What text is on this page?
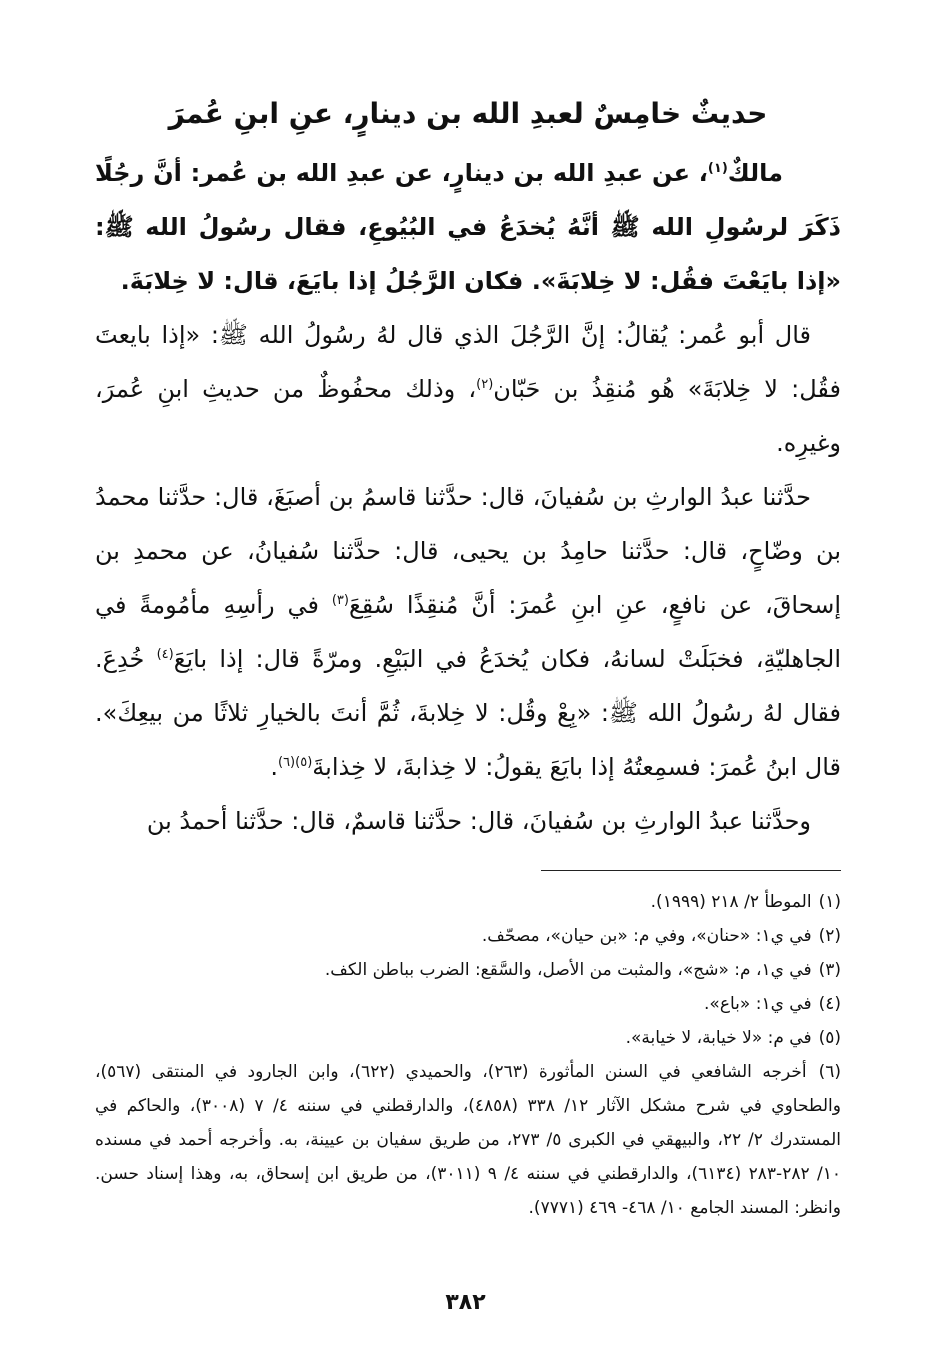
حديثٌ خامِسٌ لعبدِ الله بن دينارٍ، عنِ ابنِ عُمرَ

مالكٌ$^{(١)}$، عن عبدِ الله بن دينارٍ، عن عبدِ الله بن عُمر: أنَّ رجُلًا ذَكَرَ لرسُولِ الله ﷺ أنَّهُ يُخدَعُ في البُيُوعِ، فقال رسُولُ الله ﷺ: «إذا بايَعْتَ فقُل: لا خِلابَةَ». فكان الرَّجُلُ إذا بايَعَ، قال: لا خِلابَةَ.

قال أبو عُمر: يُقالُ: إنَّ الرَّجُلَ الذي قال لهُ رسُولُ الله ﷺ: «إذا بايعتَ فقُل: لا خِلابَةَ» هُو مُنقِذُ بن حَبّان$^{(٢)}$، وذلك محفُوظٌ من حديثِ ابنِ عُمرَ، وغيرِه.

حدَّثنا عبدُ الوارثِ بن سُفيانَ، قال: حدَّثنا قاسمُ بن أصبَغَ، قال: حدَّثنا محمدُ بن وضّاحٍ، قال: حدَّثنا حامِدُ بن يحيى، قال: حدَّثنا سُفيانُ، عن محمدِ بن إسحاقَ، عن نافعٍ، عنِ ابنِ عُمرَ: أنَّ مُنقِذًا سُقِعَ$^{(٣)}$ في رأسِهِ مأمُومةً في الجاهليّةِ، فخبَلَتْ لسانهُ، فكان يُخدَعُ في البَيْعِ. ومرّةً قال: إذا بايَعَ$^{(٤)}$ خُدِعَ. فقال لهُ رسُولُ الله ﷺ: «بِعْ وقُل: لا خِلابةَ، ثُمَّ أنتَ بالخيارِ ثلاثًا من بيعِكَ». قال ابنُ عُمرَ: فسمِعتُهُ إذا بايَعَ يقولُ: لا خِذابةَ، لا خِذابةَ$^{(٥)(٦)}$.

وحدَّثنا عبدُ الوارثِ بن سُفيانَ، قال: حدَّثنا قاسمٌ، قال: حدَّثنا أحمدُ بن

(١) الموطأ ٢/ ٢١٨ (١٩٩٩).

(٢) في ي١: «حنان»، وفي م: «بن حيان»، مصحّف.

(٣) في ي١، م: «شج»، والمثبت من الأصل، والسَّقع: الضرب بباطن الكف.

(٤) في ي١: «باع».

(٥) في م: «لا خيابة، لا خيابة».

(٦) أخرجه الشافعي في السنن المأثورة (٢٦٣)، والحميدي (٦٢٢)، وابن الجارود في المنتقى (٥٦٧)، والطحاوي في شرح مشكل الآثار ١٢/ ٣٣٨ (٤٨٥٨)، والدارقطني في سننه ٤/ ٧ (٣٠٠٨)، والحاكم في المستدرك ٢/ ٢٢، والبيهقي في الكبرى ٥/ ٢٧٣، من طريق سفيان بن عيينة، به. وأخرجه أحمد في مسنده ١٠/ ٢٨٢-٢٨٣ (٦١٣٤)، والدارقطني في سننه ٤/ ٩ (٣٠١١)، من طريق ابن إسحاق، به، وهذا إسناد حسن. وانظر: المسند الجامع ١٠/ ٤٦٨- ٤٦٩ (٧٧٧١).

٣٨٢
